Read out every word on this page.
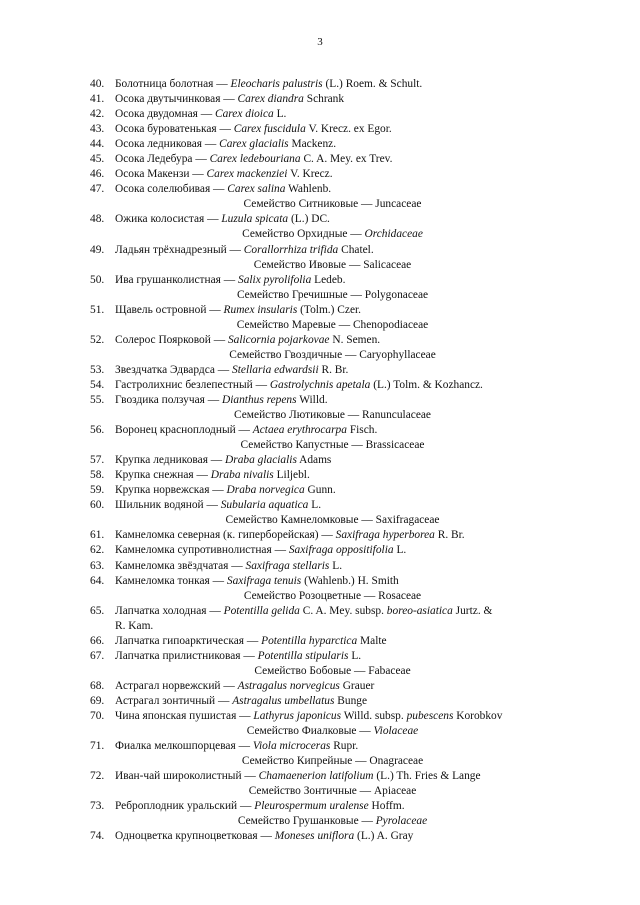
3
40. Болотница болотная — Eleocharis palustris (L.) Roem. & Schult.
41. Осока двутычинковая — Carex diandra Schrank
42. Осока двудомная — Carex dioica L.
43. Осока буроватенькая — Carex fuscidula V. Krecz. ex Egor.
44. Осока ледниковая — Carex glacialis Mackenz.
45. Осока Ледебура — Carex ledebouriana C. A. Mey. ex Trev.
46. Осока Макензи — Carex mackenziei V. Krecz.
47. Осока солелюбивая — Carex salina Wahlenb.
Семейство Ситниковые — Juncaceae
48. Ожика колосистая — Luzula spicata (L.) DC.
Семейство Орхидные — Orchidaceae
49. Ладьян трёхнадрезный — Corallorrhiza trifida Chatel.
Семейство Ивовые — Salicaceae
50. Ива грушанколистная — Salix pyrolifolia Ledeb.
Семейство Гречишные — Polygonaceae
51. Щавель островной — Rumex insularis (Tolm.) Czer.
Семейство Маревые — Chenopodiaceae
52. Солерос Поярковой — Salicornia pojarkovae N. Semen.
Семейство Гвоздичные — Caryophyllaceae
53. Звездчатка Эдвардса — Stellaria edwardsii R. Br.
54. Гастролихнис безлепестный — Gastrolychnis apetala (L.) Tolm. & Kozhancz.
55. Гвоздика ползучая — Dianthus repens Willd.
Семейство Лютиковые — Ranunculaceae
56. Воронец красноплодный — Actaea erythrocarpa Fisch.
Семейство Капустные — Brassicaceae
57. Крупка ледниковая — Draba glacialis Adams
58. Крупка снежная — Draba nivalis Liljebl.
59. Крупка норвежская — Draba norvegica Gunn.
60. Шильник водяной — Subularia aquatica L.
Семейство Камнеломковые — Saxifragaceae
61. Камнеломка северная (к. гиперборейская) — Saxifraga hyperborea R. Br.
62. Камнеломка супротивнолистная — Saxifraga oppositifolia L.
63. Камнеломка звёздчатая — Saxifraga stellaris L.
64. Камнеломка тонкая — Saxifraga tenuis (Wahlenb.) H. Smith
Семейство Розоцветные — Rosaceae
65. Лапчатка холодная — Potentilla gelida C. A. Mey. subsp. boreo-asiatica Jurtz. &
R. Kam.
66. Лапчатка гипоарктическая — Potentilla hyparctica Malte
67. Лапчатка прилистниковая — Potentilla stipularis L.
Семейство Бобовые — Fabaceae
68. Астрагал норвежский — Astragalus norvegicus Grauer
69. Астрагал зонтичный — Astragalus umbellatus Bunge
70. Чина японская пушистая — Lathyrus japonicus Willd. subsp. pubescens Korobkov
Семейство Фиалковые — Violaceae
71. Фиалка мелкошпорцевая — Viola microceras Rupr.
Семейство Кипрейные — Onagraceae
72. Иван-чай широколистный — Chamaenerion latifolium (L.) Th. Fries & Lange
Семейство Зонтичные — Apiaceae
73. Реброплодник уральский — Pleurospermum uralense Hoffm.
Семейство Грушанковые — Pyrolaceae
74. Одноцветка крупноцветковая — Moneses uniflora (L.) A. Gray
